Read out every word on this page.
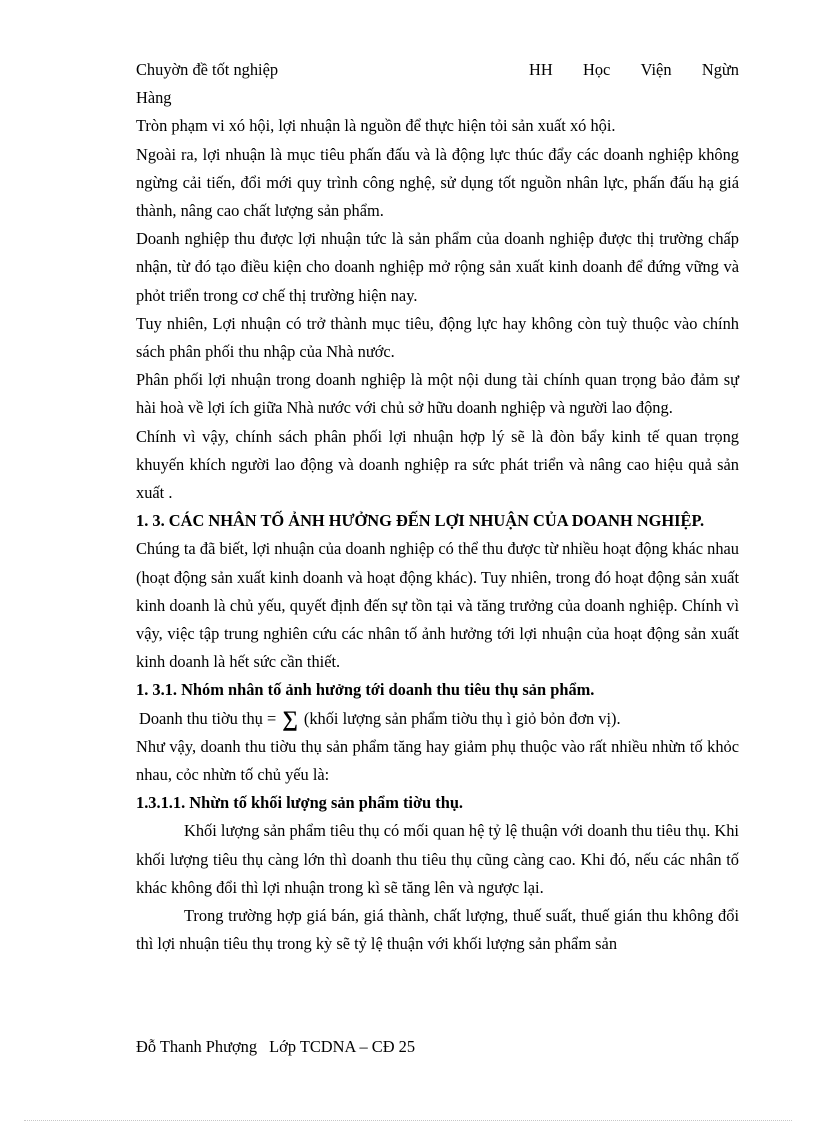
Chuyờn đề tốt nghiệp	HH Học Viện Ngừn

Hàng

Tròn phạm vi xó hội, lợi nhuận là nguồn để thực hiện tỏi sản xuất xó hội.

Ngoài ra, lợi nhuận là mục tiêu phấn đấu và là động lực thúc đẩy các doanh nghiệp không ngừng cải tiến, đổi mới quy trình công nghệ, sử dụng tốt nguồn nhân lực, phấn đấu hạ giá thành, nâng cao chất lượng sản phẩm.

Doanh nghiệp thu được lợi nhuận tức là sản phẩm của doanh nghiệp được thị trường chấp nhận, từ đó tạo điều kiện cho doanh nghiệp mở rộng sản xuất kinh doanh để đứng vững và phỏt triển trong cơ chế thị trường hiện nay.

Tuy nhiên, Lợi nhuận có trở thành mục tiêu, động lực hay không còn tuỳ thuộc vào chính sách phân phối thu nhập của Nhà nước.

Phân phối lợi nhuận trong doanh nghiệp là một nội dung tài chính quan trọng bảo đảm sự hài hoà về lợi ích giữa Nhà nước với chủ sở hữu doanh nghiệp và người lao động.

Chính vì vậy, chính sách phân phối lợi nhuận hợp lý sẽ là đòn bẩy kinh tế quan trọng khuyến khích người lao động và doanh nghiệp ra sức phát triển và nâng cao hiệu quả sản xuất .

1. 3. CÁC NHÂN TỐ ẢNH HƯỞNG ĐẾN LỢI NHUẬN CỦA DOANH NGHIỆP.

Chúng ta đã biết, lợi nhuận của doanh nghiệp có thể thu được từ nhiều hoạt động khác nhau (hoạt động sản xuất kinh doanh và hoạt động khác). Tuy nhiên, trong đó hoạt động sản xuất kinh doanh là chủ yếu, quyết định đến sự tồn tại và tăng trưởng của doanh nghiệp. Chính vì vậy, việc tập trung nghiên cứu các nhân tố ảnh hưởng tới lợi nhuận của hoạt động sản xuất kinh doanh là hết sức cần thiết.

1. 3.1. Nhóm nhân tố ảnh hưởng tới doanh thu tiêu thụ sản phẩm.

Doanh thu tiờu thụ = ∑ (khối lượng sản phẩm tiờu thụ ì giỏ bỏn đơn vị).

Như vậy, doanh thu tiờu thụ sản phẩm tăng hay giảm phụ thuộc vào rất nhiều nhừn tố khỏc nhau, cỏc nhừn tố chủ yếu là:

1.3.1.1. Nhừn tố khối lượng sản phẩm tiờu thụ.

Khối lượng sản phẩm tiêu thụ có mối quan hệ tỷ lệ thuận với doanh thu tiêu thụ. Khi khối lượng tiêu thụ càng lớn thì doanh thu tiêu thụ cũng càng cao. Khi đó, nếu các nhân tố khác không đổi thì lợi nhuận trong kì sẽ tăng lên và ngược lại.

Trong trường hợp giá bán, giá thành, chất lượng, thuế suất, thuế gián thu không đổi thì lợi nhuận tiêu thụ trong kỳ sẽ tỷ lệ thuận với khối lượng sản phẩm sản

Đỗ Thanh Phượng Lớp TCDNA – CĐ 25
